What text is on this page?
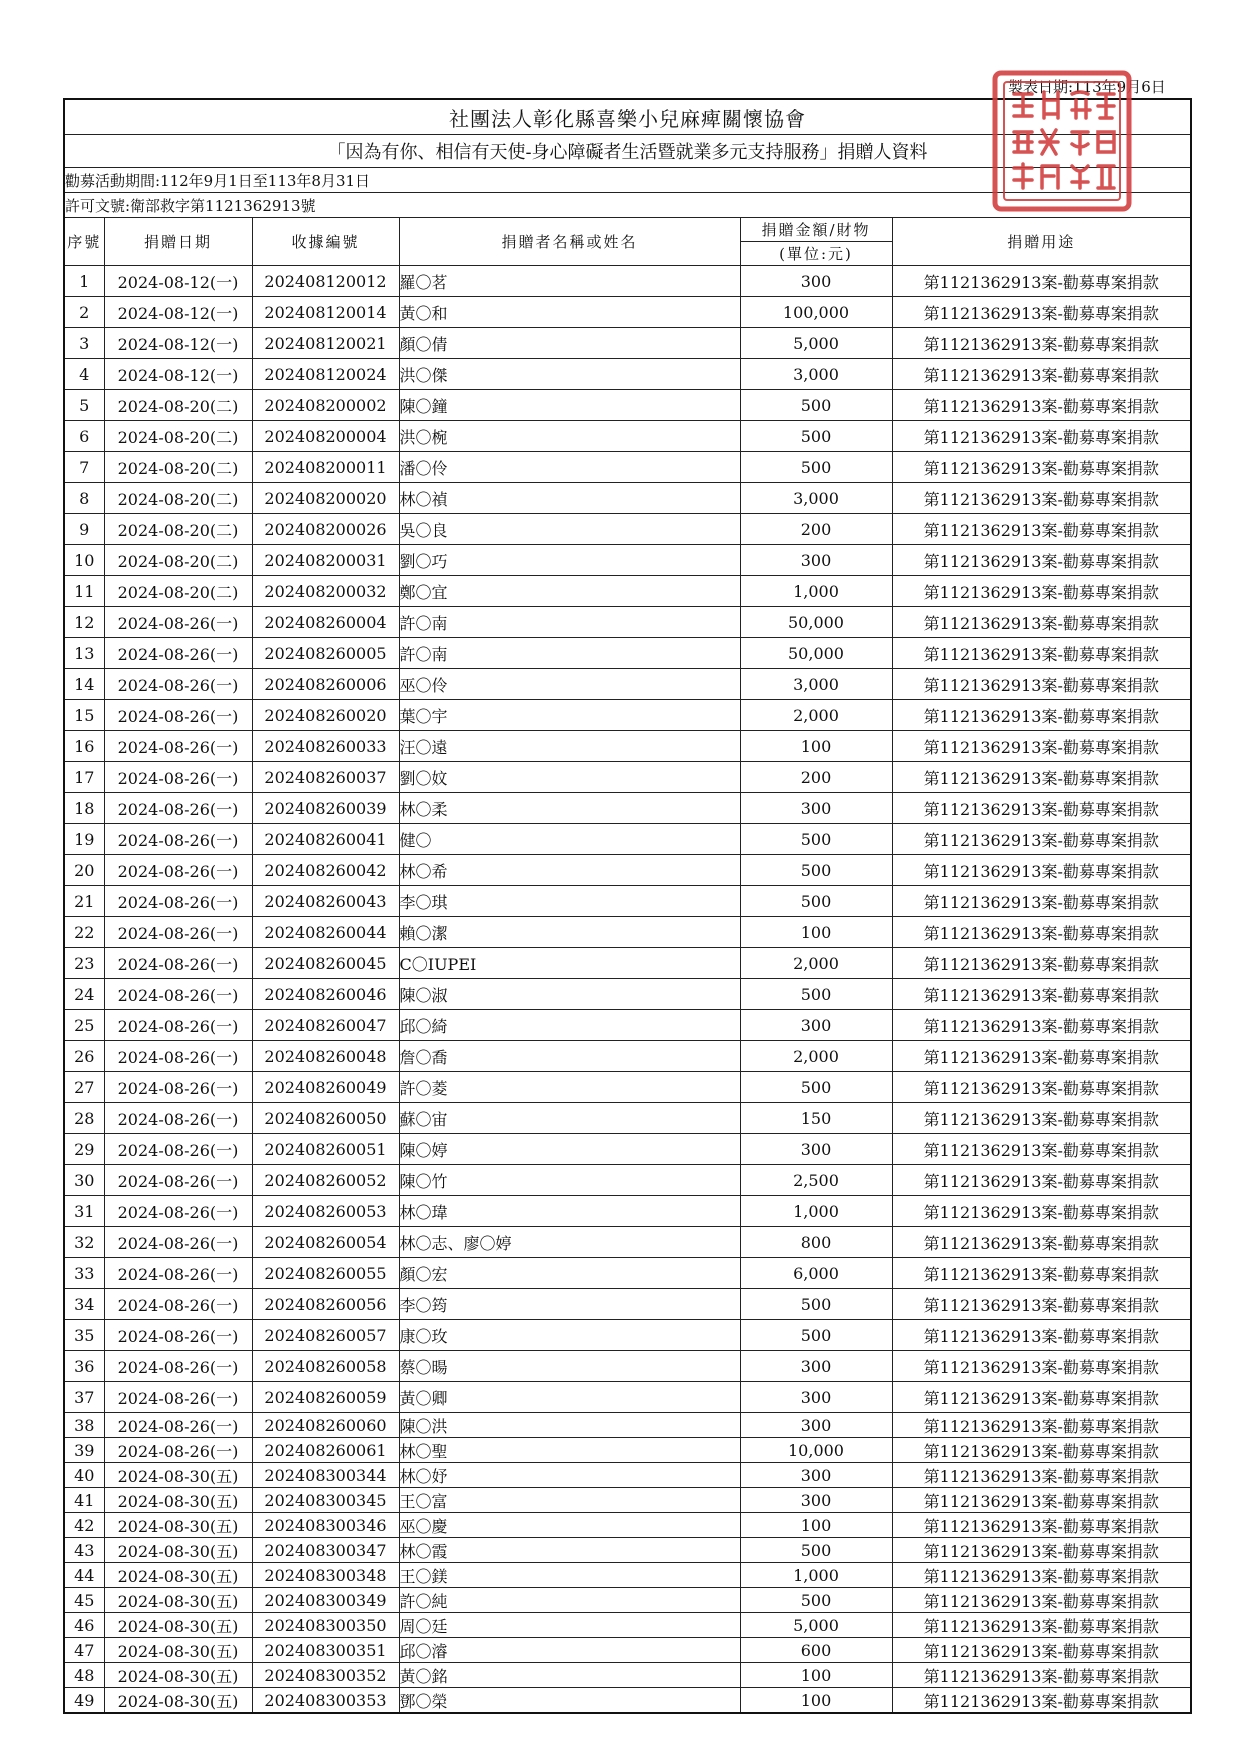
製表日期:113年9月6日
社團法人彰化縣喜樂小兒麻痺關懷協會					
「因為有你、相信有天使-身心障礙者生活暨就業多元支持服務」捐贈人資料					
勸募活動期間:112年9月1日至113年8月31日					
許可文號:衛部救字第1121362913號					
序號	捐贈日期	收據編號	捐贈者名稱或姓名	捐贈金額/財物	捐贈用途
				(單位:元)	
1	2024-08-12(一)	202408120012	羅〇茗	300	第1121362913案-勸募專案捐款
2	2024-08-12(一)	202408120014	黃〇和	100,000	第1121362913案-勸募專案捐款
3	2024-08-12(一)	202408120021	顏〇倩	5,000	第1121362913案-勸募專案捐款
4	2024-08-12(一)	202408120024	洪〇傑	3,000	第1121362913案-勸募專案捐款
5	2024-08-20(二)	202408200002	陳〇鐘	500	第1121362913案-勸募專案捐款
6	2024-08-20(二)	202408200004	洪〇椀	500	第1121362913案-勸募專案捐款
7	2024-08-20(二)	202408200011	潘〇伶	500	第1121362913案-勸募專案捐款
8	2024-08-20(二)	202408200020	林〇禎	3,000	第1121362913案-勸募專案捐款
9	2024-08-20(二)	202408200026	吳〇良	200	第1121362913案-勸募專案捐款
10	2024-08-20(二)	202408200031	劉〇巧	300	第1121362913案-勸募專案捐款
11	2024-08-20(二)	202408200032	鄭〇宜	1,000	第1121362913案-勸募專案捐款
12	2024-08-26(一)	202408260004	許〇南	50,000	第1121362913案-勸募專案捐款
13	2024-08-26(一)	202408260005	許〇南	50,000	第1121362913案-勸募專案捐款
14	2024-08-26(一)	202408260006	巫〇伶	3,000	第1121362913案-勸募專案捐款
15	2024-08-26(一)	202408260020	葉〇宇	2,000	第1121362913案-勸募專案捐款
16	2024-08-26(一)	202408260033	汪〇遠	100	第1121362913案-勸募專案捐款
17	2024-08-26(一)	202408260037	劉〇妏	200	第1121362913案-勸募專案捐款
18	2024-08-26(一)	202408260039	林〇柔	300	第1121362913案-勸募專案捐款
19	2024-08-26(一)	202408260041	健〇	500	第1121362913案-勸募專案捐款
20	2024-08-26(一)	202408260042	林〇希	500	第1121362913案-勸募專案捐款
21	2024-08-26(一)	202408260043	李〇琪	500	第1121362913案-勸募專案捐款
22	2024-08-26(一)	202408260044	賴〇潔	100	第1121362913案-勸募專案捐款
23	2024-08-26(一)	202408260045	C〇IUPEI	2,000	第1121362913案-勸募專案捐款
24	2024-08-26(一)	202408260046	陳〇淑	500	第1121362913案-勸募專案捐款
25	2024-08-26(一)	202408260047	邱〇綺	300	第1121362913案-勸募專案捐款
26	2024-08-26(一)	202408260048	詹〇喬	2,000	第1121362913案-勸募專案捐款
27	2024-08-26(一)	202408260049	許〇菱	500	第1121362913案-勸募專案捐款
28	2024-08-26(一)	202408260050	蘇〇宙	150	第1121362913案-勸募專案捐款
29	2024-08-26(一)	202408260051	陳〇婷	300	第1121362913案-勸募專案捐款
30	2024-08-26(一)	202408260052	陳〇竹	2,500	第1121362913案-勸募專案捐款
31	2024-08-26(一)	202408260053	林〇瑋	1,000	第1121362913案-勸募專案捐款
32	2024-08-26(一)	202408260054	林〇志、廖〇婷	800	第1121362913案-勸募專案捐款
33	2024-08-26(一)	202408260055	顏〇宏	6,000	第1121362913案-勸募專案捐款
34	2024-08-26(一)	202408260056	李〇筠	500	第1121362913案-勸募專案捐款
35	2024-08-26(一)	202408260057	康〇玫	500	第1121362913案-勸募專案捐款
36	2024-08-26(一)	202408260058	蔡〇暘	300	第1121362913案-勸募專案捐款
37	2024-08-26(一)	202408260059	黃〇卿	300	第1121362913案-勸募專案捐款
38	2024-08-26(一)	202408260060	陳〇洪	300	第1121362913案-勸募專案捐款
39	2024-08-26(一)	202408260061	林〇聖	10,000	第1121362913案-勸募專案捐款
40	2024-08-30(五)	202408300344	林〇妤	300	第1121362913案-勸募專案捐款
41	2024-08-30(五)	202408300345	王〇富	300	第1121362913案-勸募專案捐款
42	2024-08-30(五)	202408300346	巫〇慶	100	第1121362913案-勸募專案捐款
43	2024-08-30(五)	202408300347	林〇霞	500	第1121362913案-勸募專案捐款
44	2024-08-30(五)	202408300348	王〇鎂	1,000	第1121362913案-勸募專案捐款
45	2024-08-30(五)	202408300349	許〇純	500	第1121362913案-勸募專案捐款
46	2024-08-30(五)	202408300350	周〇廷	5,000	第1121362913案-勸募專案捐款
47	2024-08-30(五)	202408300351	邱〇濬	600	第1121362913案-勸募專案捐款
48	2024-08-30(五)	202408300352	黃〇銘	100	第1121362913案-勸募專案捐款
49	2024-08-30(五)	202408300353	鄧〇榮	100	第1121362913案-勸募專案捐款
